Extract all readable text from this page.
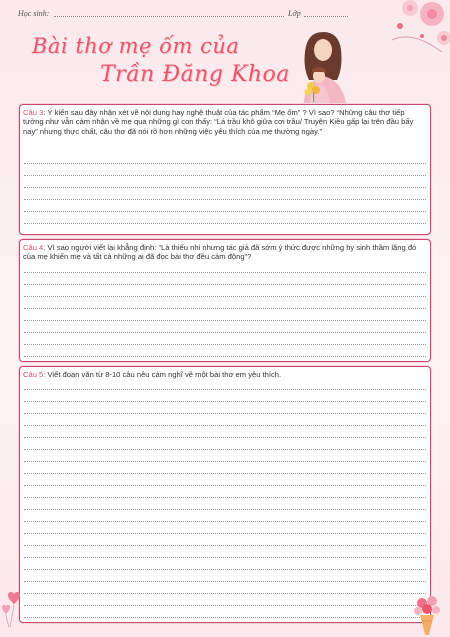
Học sinh:	Lớp
Bài thơ mẹ ốm của
Trần Đăng Khoa
Câu 3: Ý kiến sau đây nhận xét về nội dung hay nghệ thuật của tác phẩm “Mẹ ốm” ? Vì sao? “Những câu thơ tiếp tưởng như vẫn cảm nhận về mẹ qua những gì con thấy: “Lá trầu khô giữa cơi trầu/ Truyện Kiều gấp lại trên đầu bấy nay” nhưng thực chất, câu thơ đã nói rõ hơn những việc yêu thích của mẹ thường ngày.”
Câu 4: Vì sao người viết lại khẳng định: “Là thiếu nhi nhưng tác giả đã sớm ý thức được những hy sinh thầm lặng đó của mẹ khiến mẹ và tất cả những ai đã đọc bài thơ đều cảm động”?
Câu 5: Viết đoạn văn từ 8-10 câu nêu cảm nghĩ về một bài thơ em yêu thích.
